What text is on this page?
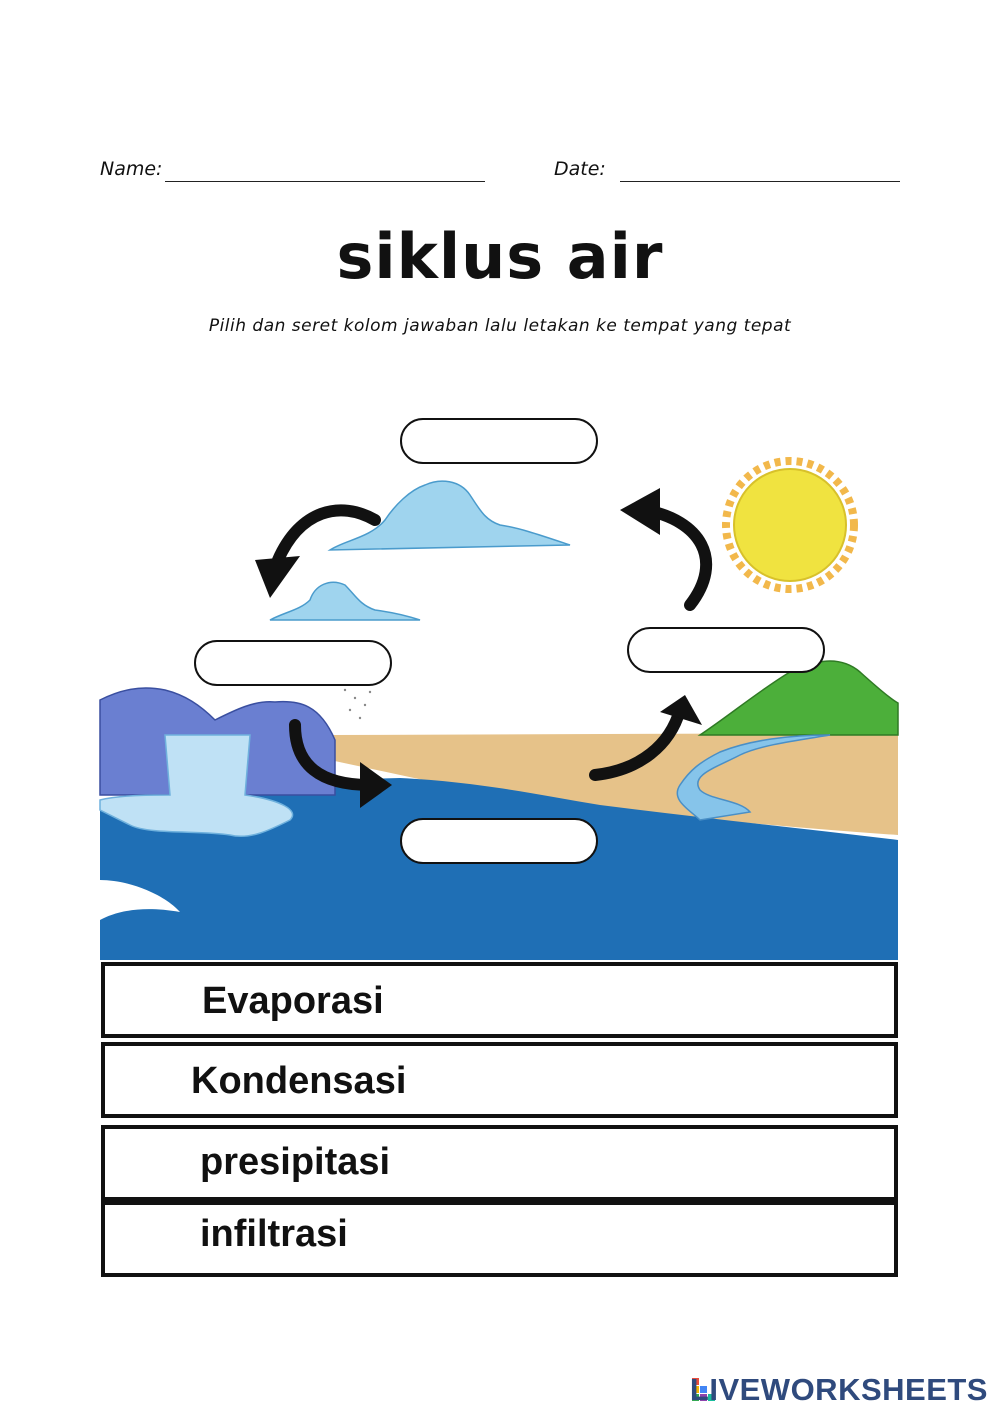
Name:	Date:
siklus air
Pilih dan seret kolom jawaban lalu letakan ke tempat yang tepat
Evaporasi
Kondensasi
presipitasi
infiltrasi
LIVEWORKSHEETS
